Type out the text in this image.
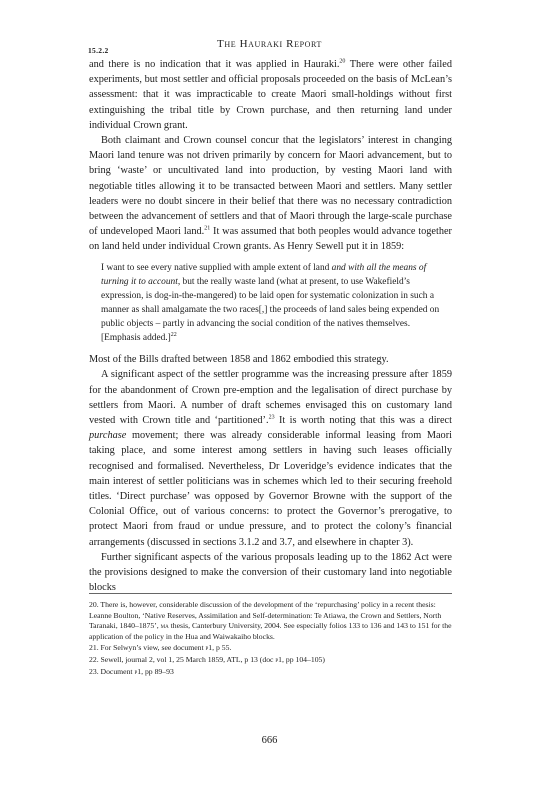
The Hauraki Report
15.2.2

and there is no indication that it was applied in Hauraki.$^{20}$ There were other failed experiments, but most settler and official proposals proceeded on the basis of McLean’s assessment: that it was impracticable to create Maori small-holdings without first extinguishing the tribal title by Crown purchase, and then returning land under individual Crown grant.

Both claimant and Crown counsel concur that the legislators’ interest in changing Maori land tenure was not driven primarily by concern for Maori advancement, but to bring ‘waste’ or uncultivated land into production, by vesting Maori land with negotiable titles allowing it to be transacted between Maori and settlers. Many settler leaders were no doubt sincere in their belief that there was no necessary contradiction between the advancement of settlers and that of Maori through the large-scale purchase of undeveloped Maori land.$^{21}$ It was assumed that both peoples would advance together on land held under individual Crown grants. As Henry Sewell put it in 1859:

I want to see every native supplied with ample extent of land and with all the means of turning it to account, but the really waste land (what at present, to use Wakefield’s expression, is dog-in-the-mangered) to be laid open for systematic colonization in such a manner as shall amalgamate the two races[,] the proceeds of land sales being expended on public objects – partly in advancing the social condition of the natives themselves. [Emphasis added.]$^{22}$

Most of the Bills drafted between 1858 and 1862 embodied this strategy.

A significant aspect of the settler programme was the increasing pressure after 1859 for the abandonment of Crown pre-emption and the legalisation of direct purchase by settlers from Maori. A number of draft schemes envisaged this on customary land vested with Crown title and ‘partitioned’.$^{23}$ It is worth noting that this was a direct purchase movement; there was already considerable informal leasing from Maori taking place, and some interest among settlers in having such leases officially recognised and formalised. Nevertheless, Dr Loveridge’s evidence indicates that the main interest of settler politicians was in schemes which led to their securing freehold titles. ‘Direct purchase’ was opposed by Governor Browne with the support of the Colonial Office, out of various concerns: to protect the Governor’s prerogative, to protect Maori from fraud or undue pressure, and to protect the colony’s financial arrangements (discussed in sections 3.1.2 and 3.7, and elsewhere in chapter 3).

Further significant aspects of the various proposals leading up to the 1862 Act were the provisions designed to make the conversion of their customary land into negotiable blocks

20. There is, however, considerable discussion of the development of the ‘repurchasing’ policy in a recent thesis: Leanne Boulton, ‘Native Reserves, Assimilation and Self-determination: Te Atiawa, the Crown and Settlers, North Taranaki, 1840–1875’, ma thesis, Canterbury University, 2004. See especially folios 133 to 136 and 143 to 151 for the application of the policy in the Hua and Waiwakaiho blocks.

21. For Selwyn’s view, see document p1, p 55.

22. Sewell, journal 2, vol 1, 25 March 1859, ATL, p 13 (doc p1, pp 104–105)

23. Document p1, pp 89–93

666
